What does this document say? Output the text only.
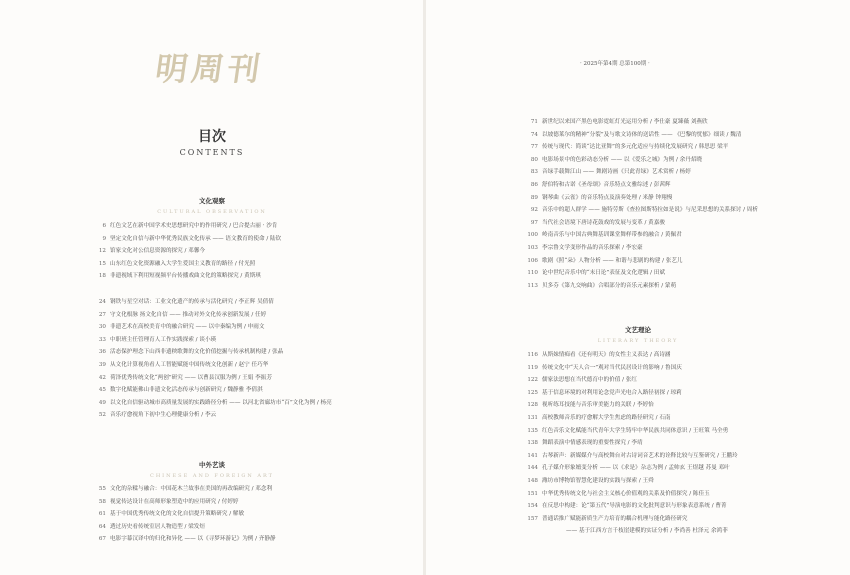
明周刊
目次
CONTENTS
文化观察
CULTURAL OBSERVATION
6 红色文艺在新中国学术史思想研究中的作用研究 / 巴合提古丽 · 沙肯
9 坚定文化自信与新中华优秀民族文化传承 —— 语文教育的使命 / 陆钦
12 馆家文化对公信息资源的探究 / 邓馨今
15 山东红色文化资源融入大学生爱国主义教育的路径 / 付光照
18 非遗视域下利用短视频平台传播戏曲文化的策略探究 / 黄斯琪
24 钢铁与星空对话：工业文化遗产的传承与活化研究 / 李正辉 吴倩倩
27 守文化根脉 扬文化自信 —— 推动对外文化传承创新发展 / 任婷
30 非遗艺术在高校美育中的融合研究 —— 以中秦编为例 / 申雨文
33 中职班主任管理育人工作实践探索 / 谈小瑛
36 活态保护理念下山西非遗秧歌舞的文化价值挖掘与传承机制构建 / 张晶
39 从文化计算视角看人工智能赋能中国传统文化创新 / 赵宁 任巧华
42 荷泽优秀传统文化“两创”研究 —— 以曹县汉服为例 / 王娟 李振芳
45 数字化赋能佛山非遗文化活态传承与创新研究 / 魏静雅 李倩淇
49 以文化自信驱动城市高质量发展的实践路径分析 —— 以河北省廊坊市“百”文化为例 / 杨亮
52 音乐疗愈视角下初中生心理健康分析 / 李云
中外艺谈
CHINESE AND FOREIGN ART
55 文化的杂糅与融合：中国花木兰故事在美国的再改编研究 / 邓念利
58 视觉传达设计在高师形象塑造中的应用研究 / 付婷婷
61 基于中国优秀传统文化的文化自信提升策略研究 / 解敏
64 透过历史看传统室居人物造型 / 梁发烜
67 电影字幕汉译中的归化和异化 —— 以《寻梦环游记》为例 / 齐静静
71 新世纪以来国产黑色电影霓虹灯光运用分析 / 李仕豪 夏臻薇 刘燕欣
74 以坡德莱尔的精神“分裂”及与歌文诗体的送话性 —— 《巴黎的忧郁》细读 / 魏清
77 传统与现代：简谈“达比亚舞”的多元化适应与持续化发展研究 / 韩思思 梁平
80 电影场景中的色彩动态分析 —— 以《爱乐之城》为例 / 余丹炤晓
83 音绿手载舞江山 —— 舞剧诗画《只此青绿》艺术赏析 / 杨婷
86 舒伯特和古诺《圣母颂》音乐特点文雅综述 / 彭茜辉
89 钢琴曲《云雀》的音乐特点及演奏处理 / 米静 钟翔慢
92 音乐中的超人群学 —— 施特劳斯《查拉图斯特拉如是说》与尼采思想的关系探讨 / 周析
97 当代社会语境下唐诗花鼓戏的发展与变革 / 黄嘉骏
100 岭南音乐与中国古典舞基训课堂舞样带参的融合 / 黄佩君
103 李宗鲁文学变形作品的音乐探索 / 李宏豪
106 歌剧《照“朵》人物分析 —— 和谐与悲剧的构建 / 张艺儿
110 论中世纪音乐中的“末日论”表征及文化逻辑 / 田斌
113 贝多芬《第九交响曲》合唱部分的音乐元素探析 / 蒙萌
文艺理论
LITERARY THEORY
116 从斯妹情痴看《还有明天》的女性主义表达 / 高诗涵
119 传统文化中“天人合一”观对当代民居设计的影响 / 鲁国庆
122 儒家法思想在当代德育中的价值 / 张红
125 基于信息环境的对利用论念党声光电合入路径初探 / 琼莉
128 视听练耳技能与音乐审美能力的关联 / 李婷怡
131 高校教师音乐的疗愈解大学生焦虑的路径研究 / 石南
135 红色音乐文化赋能当代青年大学生铸牢中华民族共同体意识 / 王旺策 马全勇
138 舞蹈表演中情感表现的重要性探究 / 李靖
141 古琴新声：新媒媒介与高校舞台对古诗词音艺术的诠释比较与互鉴研究 / 王鹏玲
144 孔子媒介形象嬗变分析 —— 以《求是》杂志为例 / 孟帅玄 王煜越 苏曼 邓叶
148 潍坊市博物馆智慧化建设的实践与探索 / 王舜
151 中华优秀传统文化与社会主义核心价值观的关系及价值探究 / 陈佳玉
154 在反思中构建：论“第五代”导演电影的文化批判意识与形象表意系统 / 曹菁
157 普通话推广赋能新质生产力培育的耦合机理与能化路径研究
—— 基于江西方言千枝崖建模的实证分析 / 李尚善 杜泽元 余鸿菲
· 2025年第4期 总第100期 ·
